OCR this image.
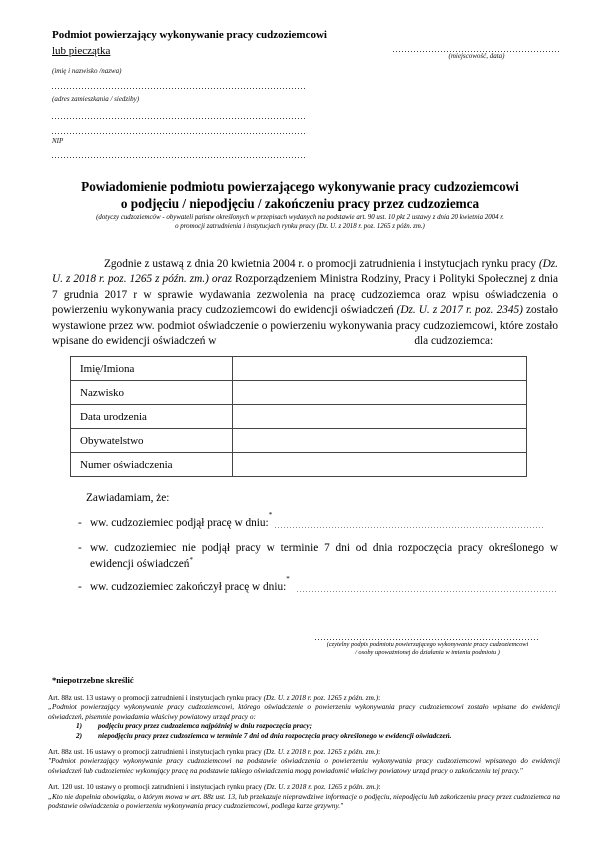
Podmiot powierzający wykonywanie pracy cudzoziemcowi
lub pieczątka	(miejscowość, data)
(imię i nazwisko /nazwa)
(adres zamieszkania / siedziby)
NIP
Powiadomienie podmiotu powierzającego wykonywanie pracy cudzoziemcowi
o podjęciu / niepodjęciu / zakończeniu pracy przez cudzoziemca
(dotyczy cudzoziemców - obywateli państw określonych w przepisach wydanych na podstawie art. 90 ust. 10 pkt 2 ustawy z dnia 20 kwietnia 2004 r.
o promocji zatrudnienia i instytucjach rynku pracy (Dz. U. z 2018 r. poz. 1265 z późn. zm.)
Zgodnie z ustawą z dnia 20 kwietnia 2004 r. o promocji zatrudnienia i instytucjach rynku pracy (Dz. U. z 2018 r. poz. 1265 z późn. zm.) oraz Rozporządzeniem Ministra Rodziny, Pracy i Polityki Społecznej z dnia 7 grudnia 2017 r w sprawie wydawania zezwolenia na pracę cudzoziemca oraz wpisu oświadczenia o powierzeniu wykonywania pracy cudzoziemcowi do ewidencji oświadczeń (Dz. U. z 2017 r. poz. 2345) zostało wystawione przez ww. podmiot oświadczenie o powierzeniu wykonywania pracy cudzoziemcowi, które zostało wpisane do ewidencji oświadczeń w	dla cudzoziemca:
Imię/Imiona	
Nazwisko	
Data urodzenia	
Obywatelstwo	
Numer oświadczenia	
Zawiadamiam, że:
- ww. cudzoziemiec podjął pracę w dniu:
*
- ww. cudzoziemiec nie podjął pracy w terminie 7 dni od dnia rozpoczęcia pracy określonego w ewidencji oświadczeń*
- ww. cudzoziemiec zakończył pracę w dniu:
*
(czytelny podpis podmiotu powierzającego wykonywanie pracy cudzoziemcowi
/ osoby upoważnionej do działania w imieniu podmiotu )
*niepotrzebne skreślić
Art. 88z ust. 13 ustawy o promocji zatrudnieni i instytucjach rynku pracy (Dz. U. z 2018 r. poz. 1265 z późn. zm.):
„Podmiot powierzający wykonywanie pracy cudzoziemcowi, którego oświadczenie o powierzeniu wykonywania pracy cudzoziemcowi zostało wpisane do ewidencji oświadczeń, pisemnie powiadamia właściwy powiatowy urząd pracy o:
1)	podjęciu pracy przez cudzoziemca najpóźniej w dniu rozpoczęcia pracy;
2)	niepodjęciu pracy przez cudzoziemca w terminie 7 dni od dnia rozpoczęcia pracy określonego w ewidencji oświadczeń.
Art. 88z ust. 16 ustawy o promocji zatrudnieni i instytucjach rynku pracy (Dz. U. z 2018 r. poz. 1265 z późn. zm.):
"Podmiot powierzający wykonywanie pracy cudzoziemcowi na podstawie oświadczenia o powierzeniu wykonywania pracy cudzoziemcowi wpisanego do ewidencji oświadczeń lub cudzoziemiec wykonujący pracę na podstawie takiego oświadczenia mogą powiadomić właściwy powiatowy urząd pracy o zakończeniu tej pracy."
Art. 120 ust. 10 ustawy o promocji zatrudnieni i instytucjach rynku pracy (Dz. U. z 2018 r. poz. 1265 z późn. zm.):
„Kto nie dopełnia obowiązku, o którym mowa w art. 88z ust. 13, lub przekazuje nieprawdziwe informacje o podjęciu, niepodjęciu lub zakończeniu pracy przez cudzoziemca na podstawie oświadczenia o powierzeniu wykonywania pracy cudzoziemcowi, podlega karze grzywny."
